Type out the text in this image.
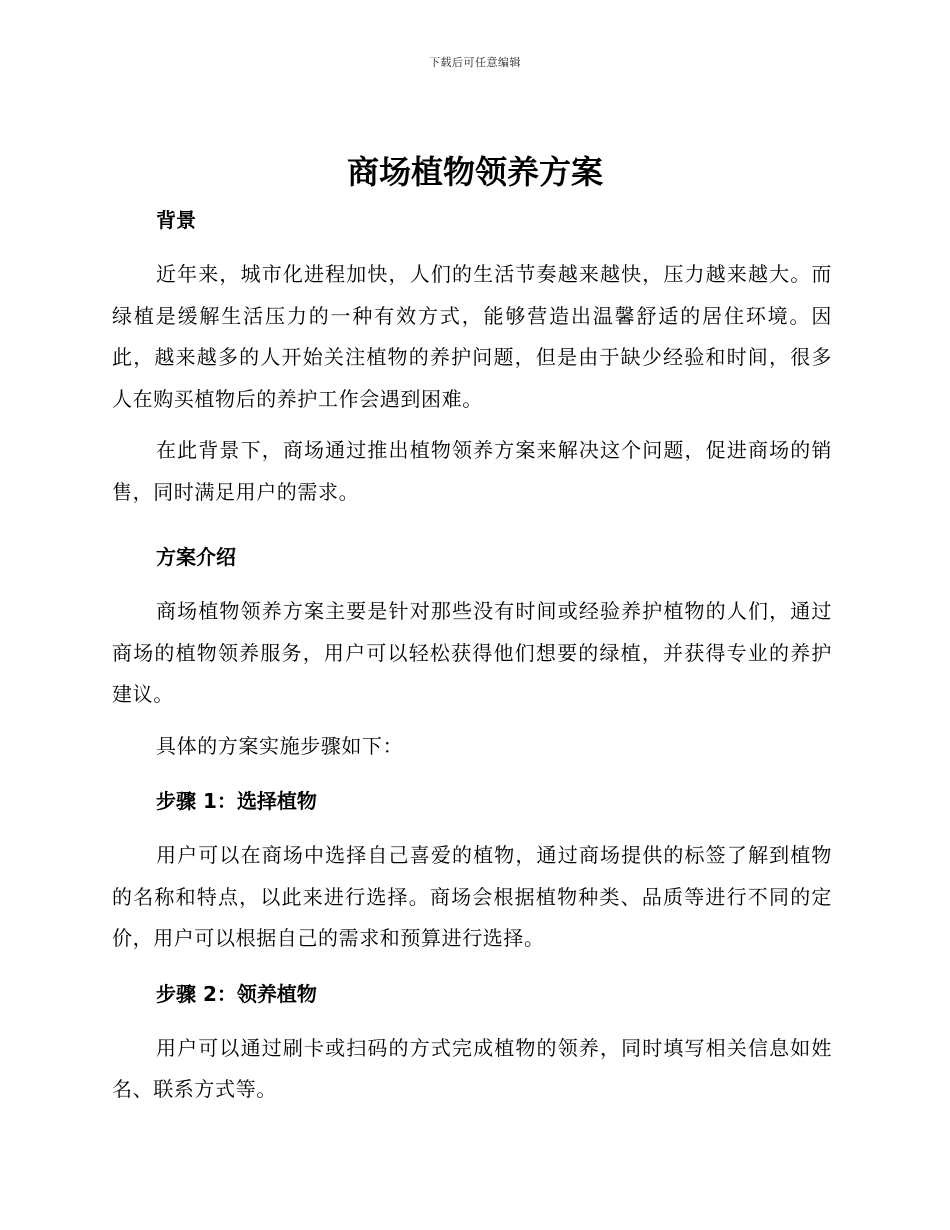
下载后可任意编辑
商场植物领养方案
背景

近年来，城市化进程加快，人们的生活节奏越来越快，压力越来越大。而绿植是缓解生活压力的一种有效方式，能够营造出温馨舒适的居住环境。因此，越来越多的人开始关注植物的养护问题，但是由于缺少经验和时间，很多人在购买植物后的养护工作会遇到困难。

在此背景下，商场通过推出植物领养方案来解决这个问题，促进商场的销售，同时满足用户的需求。

方案介绍

商场植物领养方案主要是针对那些没有时间或经验养护植物的人们，通过商场的植物领养服务，用户可以轻松获得他们想要的绿植，并获得专业的养护建议。

具体的方案实施步骤如下：

步骤 1：选择植物

用户可以在商场中选择自己喜爱的植物，通过商场提供的标签了解到植物的名称和特点，以此来进行选择。商场会根据植物种类、品质等进行不同的定价，用户可以根据自己的需求和预算进行选择。

步骤 2：领养植物

用户可以通过刷卡或扫码的方式完成植物的领养，同时填写相关信息如姓名、联系方式等。
